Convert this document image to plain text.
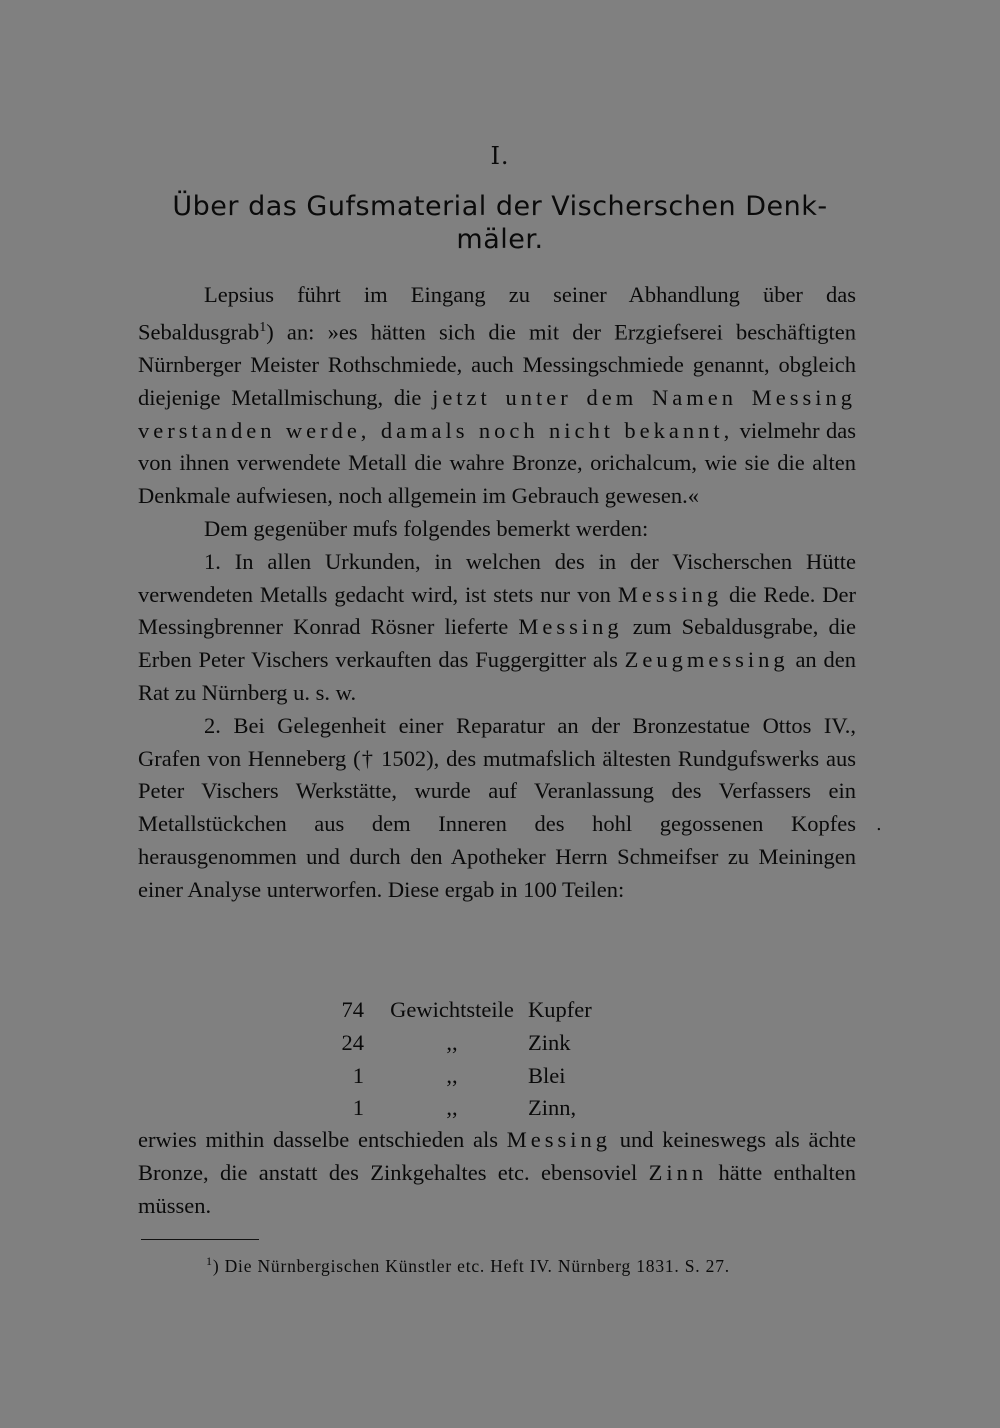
I.
Über das Gufsmaterial der Vischerschen Denk-
mäler.

Lepsius führt im Eingang zu seiner Abhandlung über das Sebaldusgrab$^1$) an: »es hätten sich die mit der Erzgiefserei beschäftigten Nürnberger Meister Rothschmiede, auch Messingschmiede genannt, obgleich diejenige Metallmischung, die jetzt unter dem Namen Messing verstanden werde, damals noch nicht bekannt, vielmehr das von ihnen verwendete Metall die wahre Bronze, orichalcum, wie sie die alten Denkmale aufwiesen, noch allgemein im Gebrauch gewesen.«

Dem gegenüber mufs folgendes bemerkt werden:

1. In allen Urkunden, in welchen des in der Vischerschen Hütte verwendeten Metalls gedacht wird, ist stets nur von Messing die Rede. Der Messingbrenner Konrad Rösner lieferte Messing zum Sebaldusgrabe, die Erben Peter Vischers verkauften das Fuggergitter als Zeugmessing an den Rat zu Nürnberg u. s. w.

2. Bei Gelegenheit einer Reparatur an der Bronzestatue Ottos IV., Grafen von Henneberg († 1502), des mutmafslich ältesten Rundgufswerks aus Peter Vischers Werkstätte, wurde auf Veranlassung des Verfassers ein Metallstückchen aus dem Inneren des hohl gegossenen Kopfes herausgenommen und durch den Apotheker Herrn Schmeifser zu Meiningen einer Analyse unterworfen. Diese ergab in 100 Teilen:

.
74	Gewichtsteile Kupfer
24	,,	Zink
1	,,	Blei
1	,,	Zinn,

erwies mithin dasselbe entschieden als Messing und keineswegs als ächte Bronze, die anstatt des Zinkgehaltes etc. ebensoviel Zinn hätte enthalten müssen.

$^1$) Die Nürnbergischen Künstler etc. Heft IV. Nürnberg 1831. S. 27.
